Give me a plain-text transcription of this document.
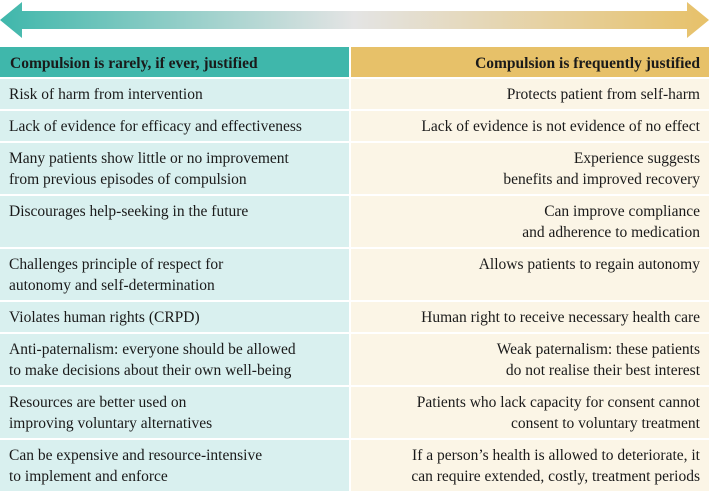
Compulsion is rarely, if ever, justified	Compulsion is frequently justified

Risk of harm from intervention	Protects patient from self-harm

Lack of evidence for efficacy and effectiveness	Lack of evidence is not evidence of no effect

Many patients show little or no improvement
from previous episodes of compulsion	Experience suggests
benefits and improved recovery

Discourages help-seeking in the future	Can improve compliance
and adherence to medication

Challenges principle of respect for
autonomy and self-determination	Allows patients to regain autonomy

Violates human rights (CRPD)	Human right to receive necessary health care

Anti-paternalism: everyone should be allowed
to make decisions about their own well-being	Weak paternalism: these patients
do not realise their best interest

Resources are better used on
improving voluntary alternatives	Patients who lack capacity for consent cannot
consent to voluntary treatment

Can be expensive and resource-intensive
to implement and enforce	If a person’s health is allowed to deteriorate, it
can require extended, costly, treatment periods
